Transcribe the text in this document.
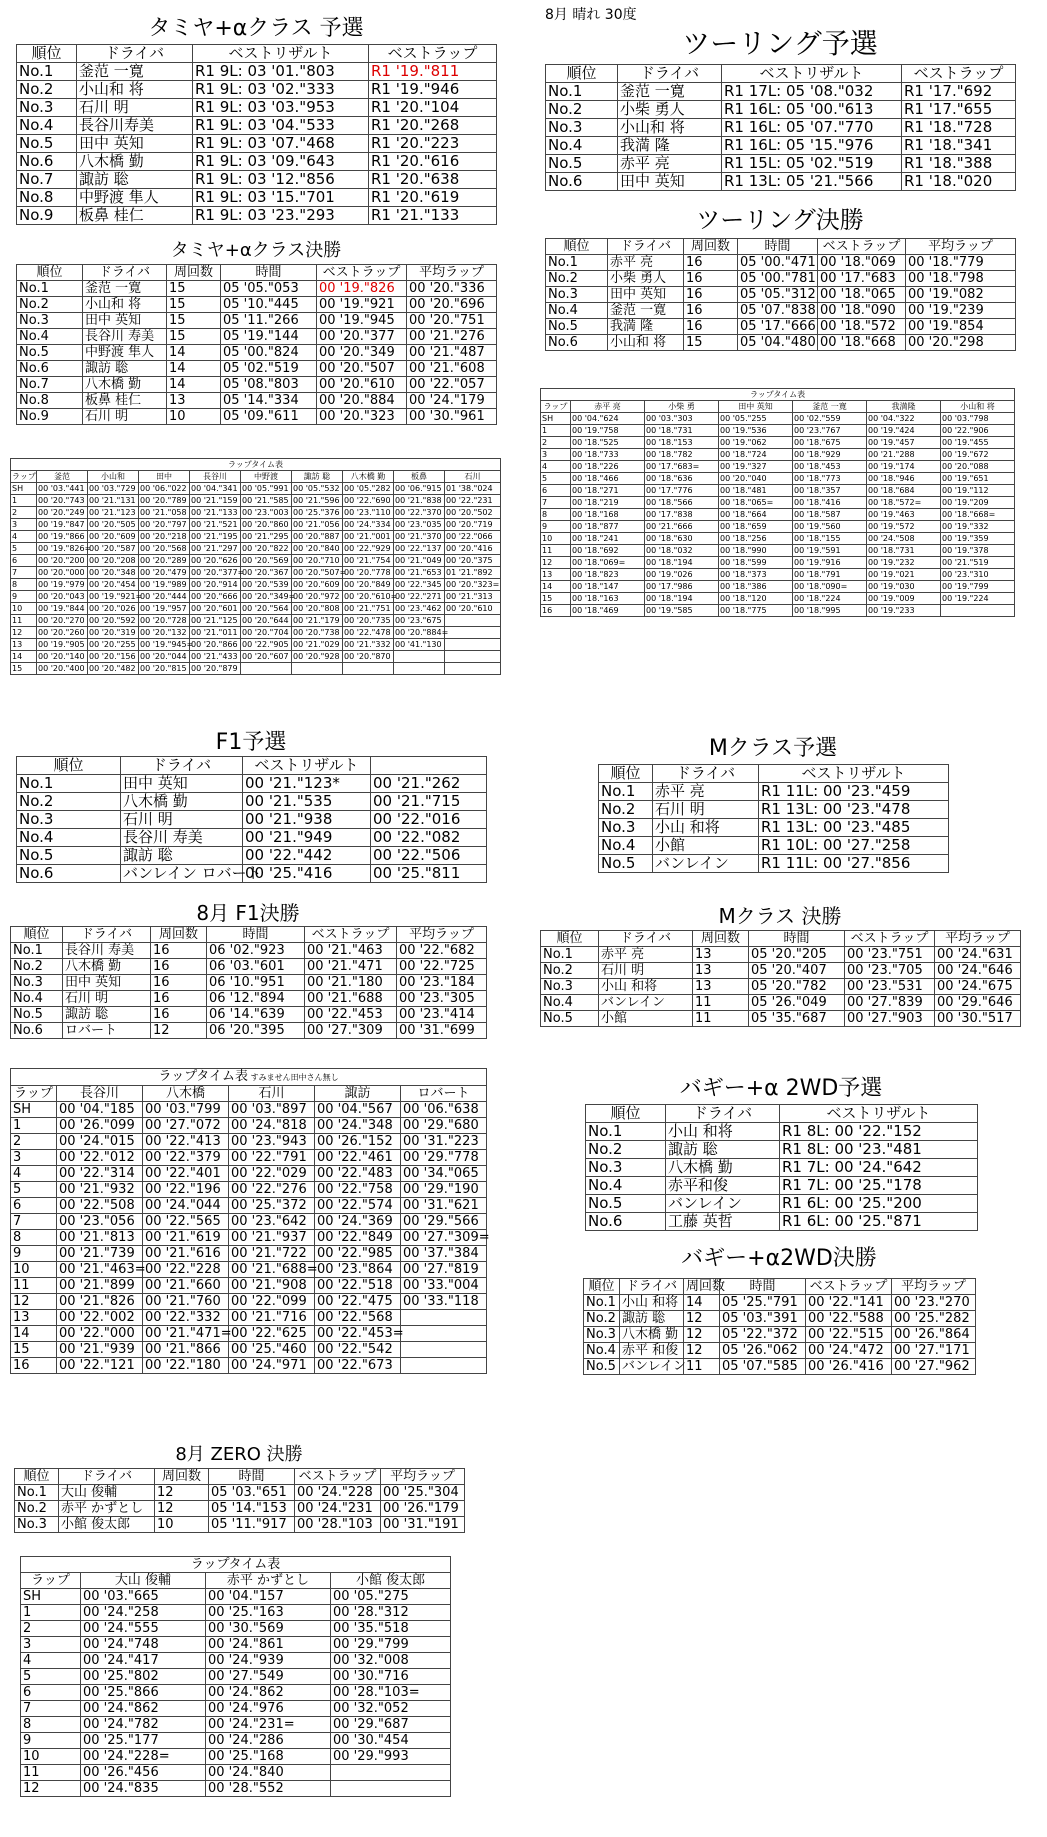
8月 晴れ 30度
タミヤ+αクラス 予選
順位	ドライバ	ベストリザルト	ベストラップ
No.1	釜范 一寛	R1 9L: 03 '01."803	R1 '19."811
No.2	小山和 将	R1 9L: 03 '02."333	R1 '19."946
No.3	石川 明	R1 9L: 03 '03."953	R1 '20."104
No.4	長谷川寿美	R1 9L: 03 '04."533	R1 '20."268
No.5	田中 英知	R1 9L: 03 '07."468	R1 '20."223
No.6	八木橋 勤	R1 9L: 03 '09."643	R1 '20."616
No.7	諏訪 聡	R1 9L: 03 '12."856	R1 '20."638
No.8	中野渡 隼人	R1 9L: 03 '15."701	R1 '20."619
No.9	板鼻 桂仁	R1 9L: 03 '23."293	R1 '21."133
タミヤ+αクラス決勝
順位	ドライバ	周回数	時間	ベストラップ	平均ラップ
No.1	釜范 一寛	15	05 '05."053	00 '19."826	00 '20."336
No.2	小山和 将	15	05 '10."445	00 '19."921	00 '20."696
No.3	田中 英知	15	05 '11."266	00 '19."945	00 '20."751
No.4	長谷川 寿美	15	05 '19."144	00 '20."377	00 '21."276
No.5	中野渡 隼人	14	05 '00."824	00 '20."349	00 '21."487
No.6	諏訪 聡	14	05 '02."519	00 '20."507	00 '21."608
No.7	八木橋 勤	14	05 '08."803	00 '20."610	00 '22."057
No.8	板鼻 桂仁	13	05 '14."334	00 '20."884	00 '24."179
No.9	石川 明	10	05 '09."611	00 '20."323	00 '30."961
ラップタイム表									
ラップ	釜范	小山和	田中	長谷川	中野渡	諏訪 聡	八木橋 勤	板鼻	石川
SH	00 '03."441	00 '03."729	00 '06."022	00 '04."341	00 '05."991	00 '05."532	00 '05."282	00 '06."915	01 '38."024
1	00 '20."743	00 '21."131	00 '20."789	00 '21."159	00 '21."585	00 '21."596	00 '22."690	00 '21."838	00 '22."231
2	00 '20."249	00 '21."123	00 '21."058	00 '21."133	00 '23."003	00 '25."376	00 '23."110	00 '22."370	00 '20."502
3	00 '19."847	00 '20."505	00 '20."797	00 '21."521	00 '20."860	00 '21."056	00 '24."334	00 '23."035	00 '20."719
4	00 '19."866	00 '20."609	00 '20."218	00 '21."195	00 '21."295	00 '20."887	00 '21."001	00 '21."370	00 '22."066
5	00 '19."826=	00 '20."587	00 '20."568	00 '21."297	00 '20."822	00 '20."840	00 '22."929	00 '22."137	00 '20."416
6	00 '20."200	00 '20."208	00 '20."289	00 '20."626	00 '20."569	00 '20."710	00 '21."754	00 '21."049	00 '20."375
7	00 '20."000	00 '20."348	00 '20."479	00 '20."377=	00 '20."367	00 '20."507=	00 '20."778	00 '21."653	01 '21."892
8	00 '19."979	00 '20."454	00 '19."989	00 '20."914	00 '20."539	00 '20."609	00 '20."849	00 '22."345	00 '20."323=
9	00 '20."043	00 '19."921=	00 '20."444	00 '20."666	00 '20."349=	00 '20."972	00 '20."610=	00 '22."271	00 '21."313
10	00 '19."844	00 '20."026	00 '19."957	00 '20."601	00 '20."564	00 '20."808	00 '21."751	00 '23."462	00 '20."610
11	00 '20."270	00 '20."592	00 '20."728	00 '21."125	00 '20."644	00 '21."179	00 '20."735	00 '23."675	
12	00 '20."260	00 '20."319	00 '20."132	00 '21."011	00 '20."704	00 '20."738	00 '22."478	00 '20."884=	
13	00 '19."905	00 '20."255	00 '19."945=	00 '20."866	00 '22."905	00 '21."029	00 '21."332	00 '41."130	
14	00 '20."140	00 '20."156	00 '20."044	00 '21."433	00 '20."607	00 '20."928	00 '20."870		
15	00 '20."400	00 '20."482	00 '20."815	00 '20."879					
ツーリング予選
順位	ドライバ	ベストリザルト	ベストラップ
No.1	釜范 一寛	R1 17L: 05 '08."032	R1 '17."692
No.2	小柴 勇人	R1 16L: 05 '00."613	R1 '17."655
No.3	小山和 将	R1 16L: 05 '07."770	R1 '18."728
No.4	我満 隆	R1 16L: 05 '15."976	R1 '18."341
No.5	赤平 亮	R1 15L: 05 '02."519	R1 '18."388
No.6	田中 英知	R1 13L: 05 '21."566	R1 '18."020
ツーリング決勝
順位	ドライバ	周回数	時間	ベストラップ	平均ラップ
No.1	赤平 亮	16	05 '00."471	00 '18."069	00 '18."779
No.2	小柴 勇人	16	05 '00."781	00 '17."683	00 '18."798
No.3	田中 英知	16	05 '05."312	00 '18."065	00 '19."082
No.4	釜范 一寛	16	05 '07."838	00 '18."090	00 '19."239
No.5	我満 隆	16	05 '17."666	00 '18."572	00 '19."854
No.6	小山和 将	15	05 '04."480	00 '18."668	00 '20."298
ラップタイム表						
ラップ	赤平 亮	小柴 勇	田中 英知	釜范 一寛	我満隆	小山和 将
SH	00 '04."624	00 '03."303	00 '05."255	00 '02."559	00 '04."322	00 '03."798
1	00 '19."758	00 '18."731	00 '19."536	00 '23."767	00 '19."424	00 '22."906
2	00 '18."525	00 '18."153	00 '19."062	00 '18."675	00 '19."457	00 '19."455
3	00 '18."733	00 '18."782	00 '18."724	00 '18."929	00 '21."288	00 '19."672
4	00 '18."226	00 '17."683=	00 '19."327	00 '18."453	00 '19."174	00 '20."088
5	00 '18."466	00 '18."636	00 '20."040	00 '18."773	00 '18."946	00 '19."651
6	00 '18."271	00 '17."776	00 '18."481	00 '18."357	00 '18."684	00 '19."112
7	00 '18."219	00 '18."566	00 '18."065=	00 '18."416	00 '18."572=	00 '19."209
8	00 '18."168	00 '17."838	00 '18."664	00 '18."587	00 '19."463	00 '18."668=
9	00 '18."877	00 '21."666	00 '18."659	00 '19."560	00 '19."572	00 '19."332
10	00 '18."241	00 '18."630	00 '18."256	00 '18."155	00 '24."508	00 '19."359
11	00 '18."692	00 '18."032	00 '18."990	00 '19."591	00 '18."731	00 '19."378
12	00 '18."069=	00 '18."194	00 '18."599	00 '19."916	00 '19."232	00 '21."519
13	00 '18."823	00 '19."026	00 '18."373	00 '18."791	00 '19."021	00 '23."310
14	00 '18."147	00 '17."986	00 '18."386	00 '18."090=	00 '19."030	00 '19."799
15	00 '18."163	00 '18."194	00 '18."120	00 '18."224	00 '19."009	00 '19."224
16	00 '18."469	00 '19."585	00 '18."775	00 '18."995	00 '19."233	
F1予選
順位	ドライバ	ベストリザルト	
No.1	田中 英知	00 '21."123*	00 '21."262
No.2	八木橋 勤	00 '21."535	00 '21."715
No.3	石川 明	00 '21."938	00 '22."016
No.4	長谷川 寿美	00 '21."949	00 '22."082
No.5	諏訪 聡	00 '22."442	00 '22."506
No.6	バンレイン ロバート	00 '25."416	00 '25."811
Mクラス予選
順位	ドライバ	ベストリザルト
No.1	赤平 亮	R1 11L: 00 '23."459
No.2	石川 明	R1 13L: 00 '23."478
No.3	小山 和将	R1 13L: 00 '23."485
No.4	小館	R1 10L: 00 '27."258
No.5	バンレイン	R1 11L: 00 '27."856
8月 F1決勝
順位	ドライバ	周回数	時間	ベストラップ	平均ラップ
No.1	長谷川 寿美	16	06 '02."923	00 '21."463	00 '22."682
No.2	八木橋 勤	16	06 '03."601	00 '21."471	00 '22."725
No.3	田中 英知	16	06 '10."951	00 '21."180	00 '23."184
No.4	石川 明	16	06 '12."894	00 '21."688	00 '23."305
No.5	諏訪 聡	16	06 '14."639	00 '22."453	00 '23."414
No.6	ロバート	12	06 '20."395	00 '27."309	00 '31."699
Mクラス 決勝
順位	ドライバ	周回数	時間	ベストラップ	平均ラップ
No.1	赤平 亮	13	05 '20."205	00 '23."751	00 '24."631
No.2	石川 明	13	05 '20."407	00 '23."705	00 '24."646
No.3	小山 和将	13	05 '20."782	00 '23."531	00 '24."675
No.4	バンレイン	11	05 '26."049	00 '27."839	00 '29."646
No.5	小館	11	05 '35."687	00 '27."903	00 '30."517
ラップタイム表 すみません田中さん無し					
ラップ	長谷川	八木橋	石川	諏訪	ロバート
SH	00 '04."185	00 '03."799	00 '03."897	00 '04."567	00 '06."638
1	00 '26."099	00 '27."072	00 '24."818	00 '24."348	00 '29."680
2	00 '24."015	00 '22."413	00 '23."943	00 '26."152	00 '31."223
3	00 '22."012	00 '22."379	00 '22."791	00 '22."461	00 '29."778
4	00 '22."314	00 '22."401	00 '22."029	00 '22."483	00 '34."065
5	00 '21."932	00 '22."196	00 '22."276	00 '22."758	00 '29."190
6	00 '22."508	00 '24."044	00 '25."372	00 '22."574	00 '31."621
7	00 '23."056	00 '22."565	00 '23."642	00 '24."369	00 '29."566
8	00 '21."813	00 '21."619	00 '21."937	00 '22."849	00 '27."309=
9	00 '21."739	00 '21."616	00 '21."722	00 '22."985	00 '37."384
10	00 '21."463=	00 '22."228	00 '21."688=	00 '23."864	00 '27."819
11	00 '21."899	00 '21."660	00 '21."908	00 '22."518	00 '33."004
12	00 '21."826	00 '21."760	00 '22."099	00 '22."475	00 '33."118
13	00 '22."002	00 '22."332	00 '21."716	00 '22."568	
14	00 '22."000	00 '21."471=	00 '22."625	00 '22."453=	
15	00 '21."939	00 '21."866	00 '25."460	00 '22."542	
16	00 '22."121	00 '22."180	00 '24."971	00 '22."673	
バギー+α 2WD予選
順位	ドライバ	ベストリザルト
No.1	小山 和将	R1 8L: 00 '22."152
No.2	諏訪 聡	R1 8L: 00 '23."481
No.3	八木橋 勤	R1 7L: 00 '24."642
No.4	赤平和俊	R1 7L: 00 '25."178
No.5	バンレイン	R1 6L: 00 '25."200
No.6	工藤 英哲	R1 6L: 00 '25."871
バギー+α2WD決勝
順位	ドライバ	周回数	時間	ベストラップ	平均ラップ
No.1	小山 和将	14	05 '25."791	00 '22."141	00 '23."270
No.2	諏訪 聡	12	05 '03."391	00 '22."588	00 '25."282
No.3	八木橋 勤	12	05 '22."372	00 '22."515	00 '26."864
No.4	赤平 和俊	12	05 '26."062	00 '24."472	00 '27."171
No.5	バンレイン	11	05 '07."585	00 '26."416	00 '27."962
8月 ZERO 決勝
順位	ドライバ	周回数	時間	ベストラップ	平均ラップ
No.1	大山 俊輔	12	05 '03."651	00 '24."228	00 '25."304
No.2	赤平 かずとし	12	05 '14."153	00 '24."231	00 '26."179
No.3	小館 俊太郎	10	05 '11."917	00 '28."103	00 '31."191
ラップタイム表			
ラップ	大山 俊輔	赤平 かずとし	小館 俊太郎
SH	00 '03."665	00 '04."157	00 '05."275
1	00 '24."258	00 '25."163	00 '28."312
2	00 '24."555	00 '30."569	00 '35."518
3	00 '24."748	00 '24."861	00 '29."799
4	00 '24."417	00 '24."939	00 '32."008
5	00 '25."802	00 '27."549	00 '30."716
6	00 '25."866	00 '24."862	00 '28."103=
7	00 '24."862	00 '24."976	00 '32."052
8	00 '24."782	00 '24."231=	00 '29."687
9	00 '25."177	00 '24."286	00 '30."454
10	00 '24."228=	00 '25."168	00 '29."993
11	00 '26."456	00 '24."840	
12	00 '24."835	00 '28."552	
